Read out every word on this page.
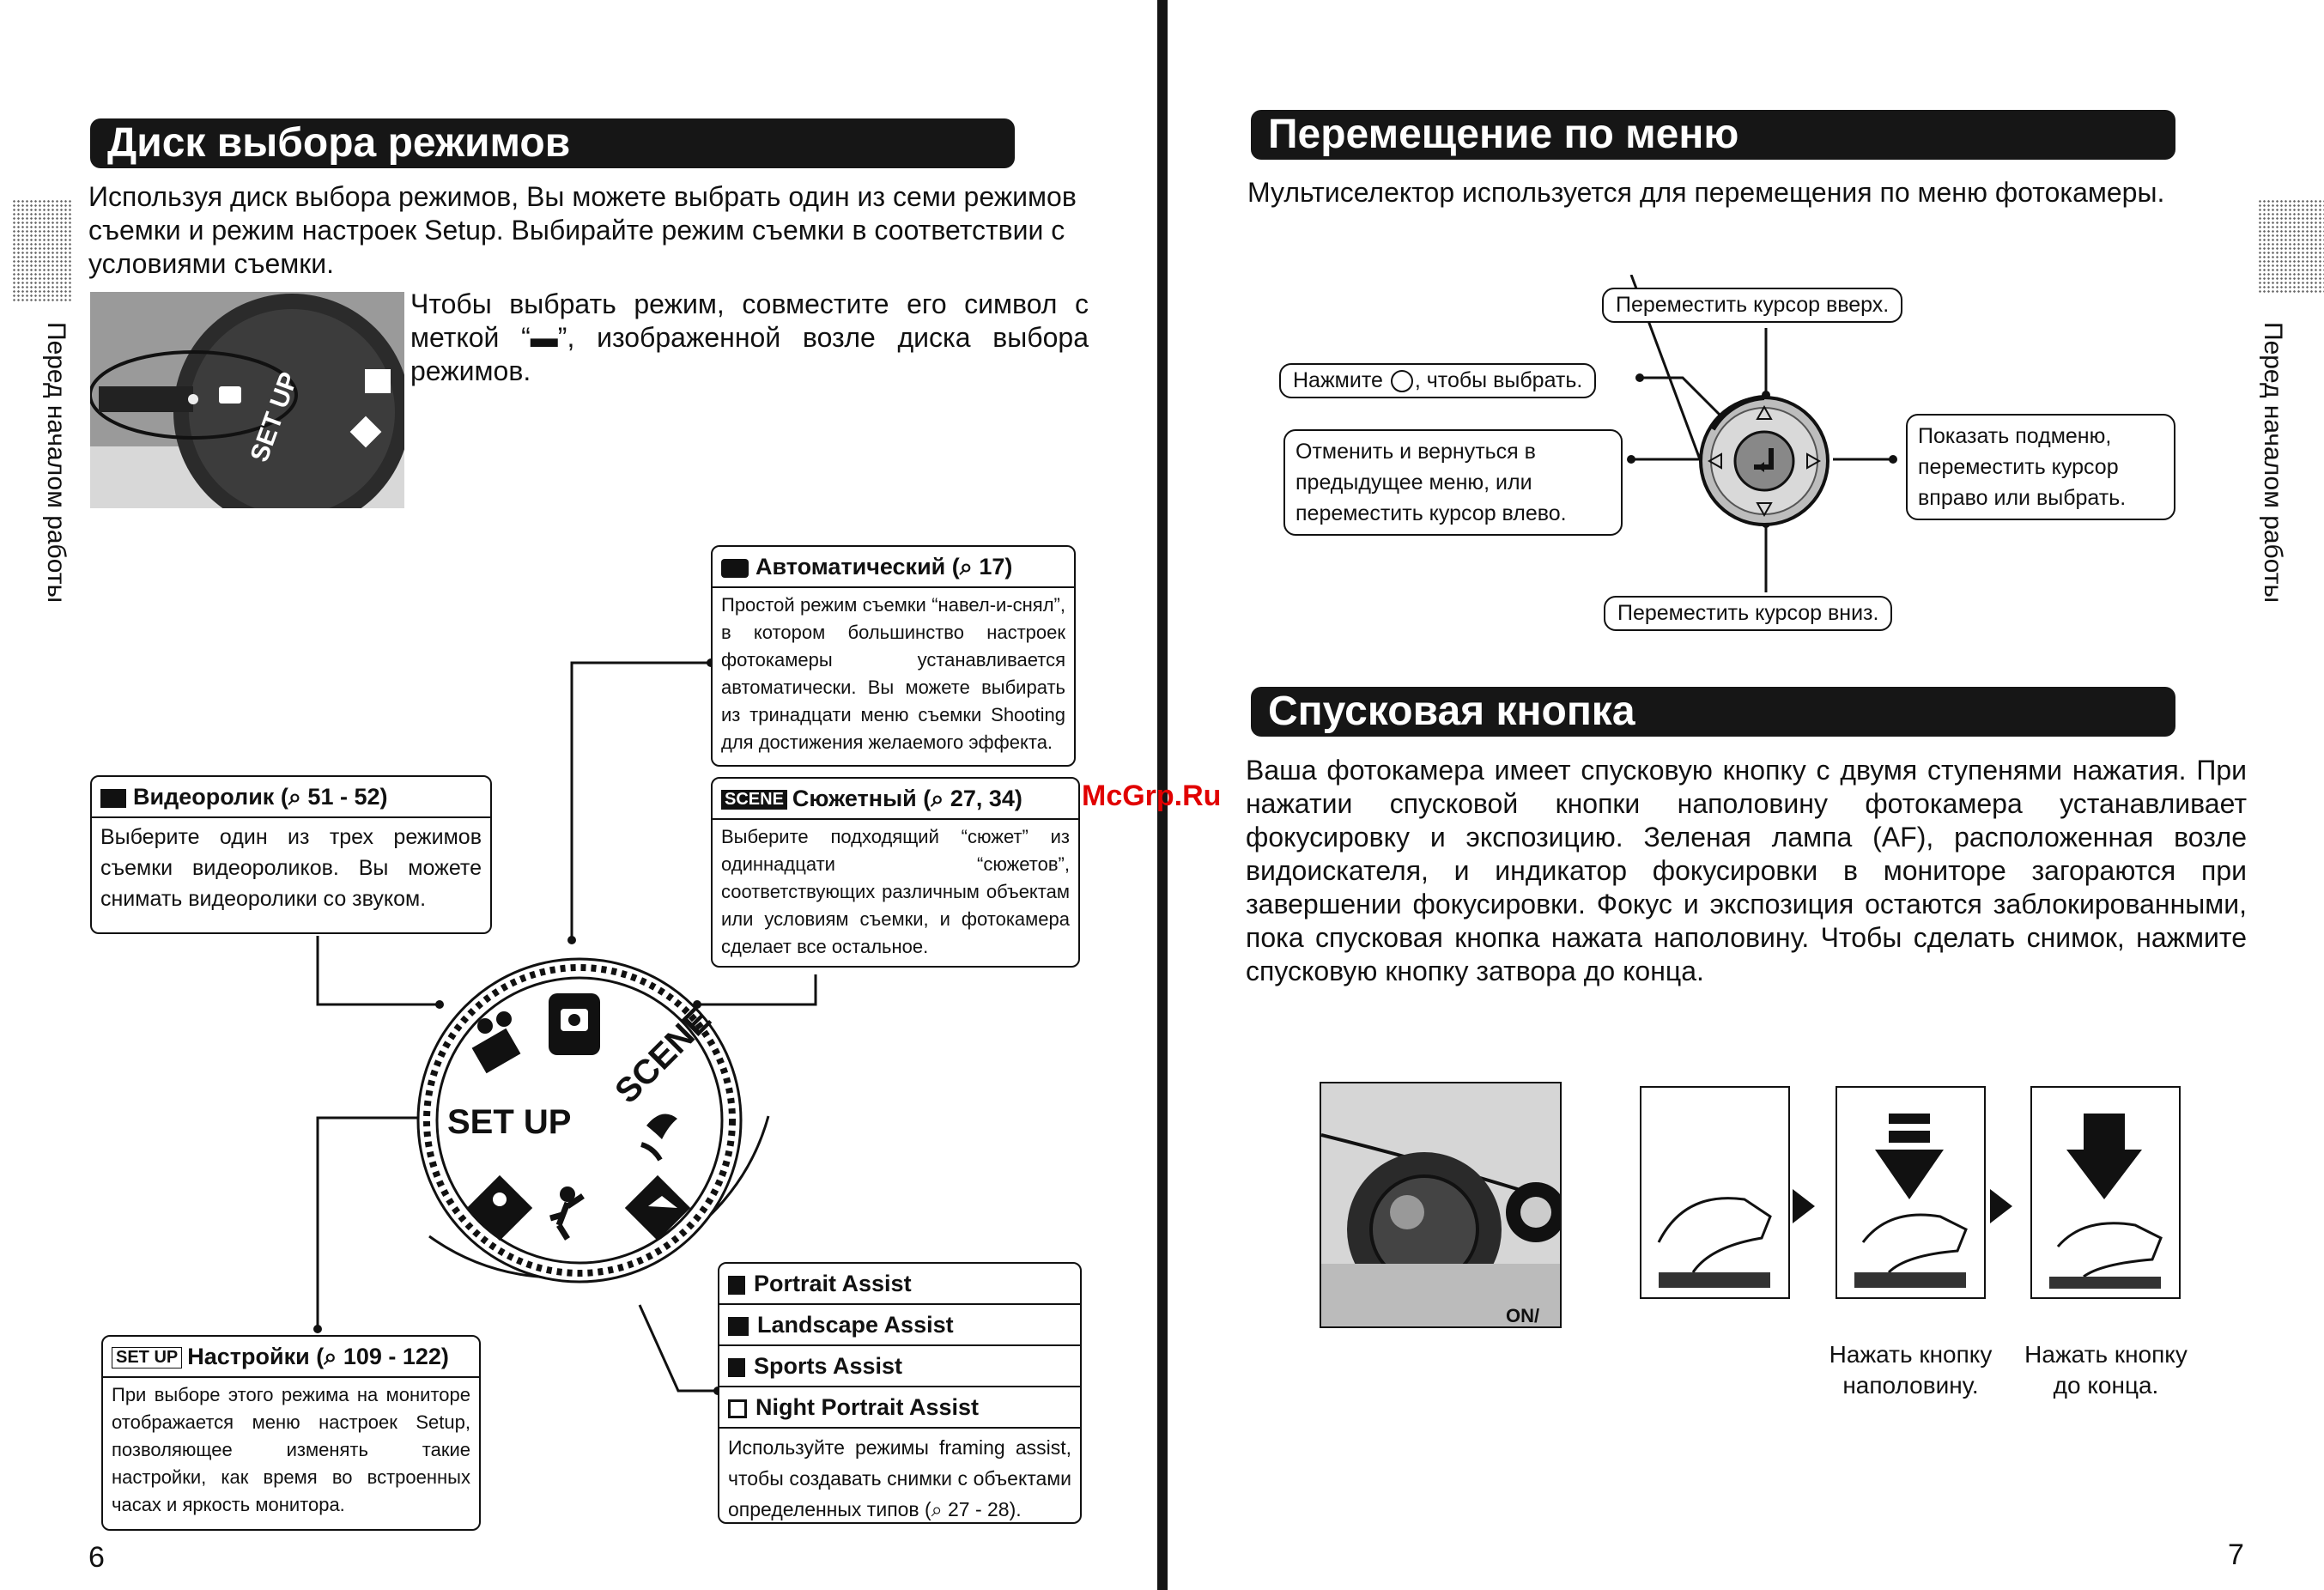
Перед началом работы
Диск выбора режимов
Используя диск выбора режимов, Вы можете выбрать один из семи режимов съемки и режим настроек Setup. Выбирайте режим съемки в соответствии с условиями съемки.
SET UP
Чтобы выбрать режим, совместите его символ с меткой “▬”, изображенной возле диска выбора режимов.
SCENE
SET UP
Автоматический (⌕ 17)
Простой режим съемки “навел-и-снял”, в котором большинство настроек фотокамеры устанавливается автоматически. Вы можете выбирать из тринадцати меню съемки Shooting для достижения желаемого эффекта.
SCENE Сюжетный (⌕ 27, 34)
Выберите подходящий “сюжет” из одиннадцати “сюжетов”, соответствующих различным объектам или условиям съемки, и фотокамера сделает все остальное.
Видеоролик (⌕ 51 - 52)
Выберите один из трех режимов съемки видеороликов. Вы можете снимать видеоролики со звуком.
SET UP Настройки (⌕ 109 - 122)
При выборе этого режима на мониторе отображается меню настроек Setup, позволяющее изменять такие настройки, как время во встроенных часах и яркость монитора.
Portrait Assist
Landscape Assist
Sports Assist
Night Portrait Assist
Используйте режимы framing assist, чтобы создавать снимки с объектами определенных типов (⌕ 27 - 28).
6
Перед началом работы
Перемещение по меню
Мультиселектор используется для перемещения по меню фотокамеры.
Переместить курсор вверх.
Переместить курсор вниз.
Нажмите , чтобы выбрать.
Отменить и вернуться в предыдущее меню, или переместить курсор влево.
Показать подменю, переместить курсор вправо или выбрать.
Спусковая кнопка
Ваша фотокамера имеет спусковую кнопку с двумя ступенями нажатия. При нажатии спусковой кнопки наполовину фотокамера устанавливает фокусировку и экспозицию. Зеленая лампа (AF), расположенная возле видоискателя, и индикатор фокусировки в мониторе загораются при завершении фокусировки. Фокус и экспозиция остаются заблокированными, пока спусковая кнопка нажата наполовину. Чтобы сделать снимок, нажмите спусковую кнопку затвора до конца.
McGrp.Ru
ON/
Нажать кнопку наполовину.
Нажать кнопку до конца.
7
